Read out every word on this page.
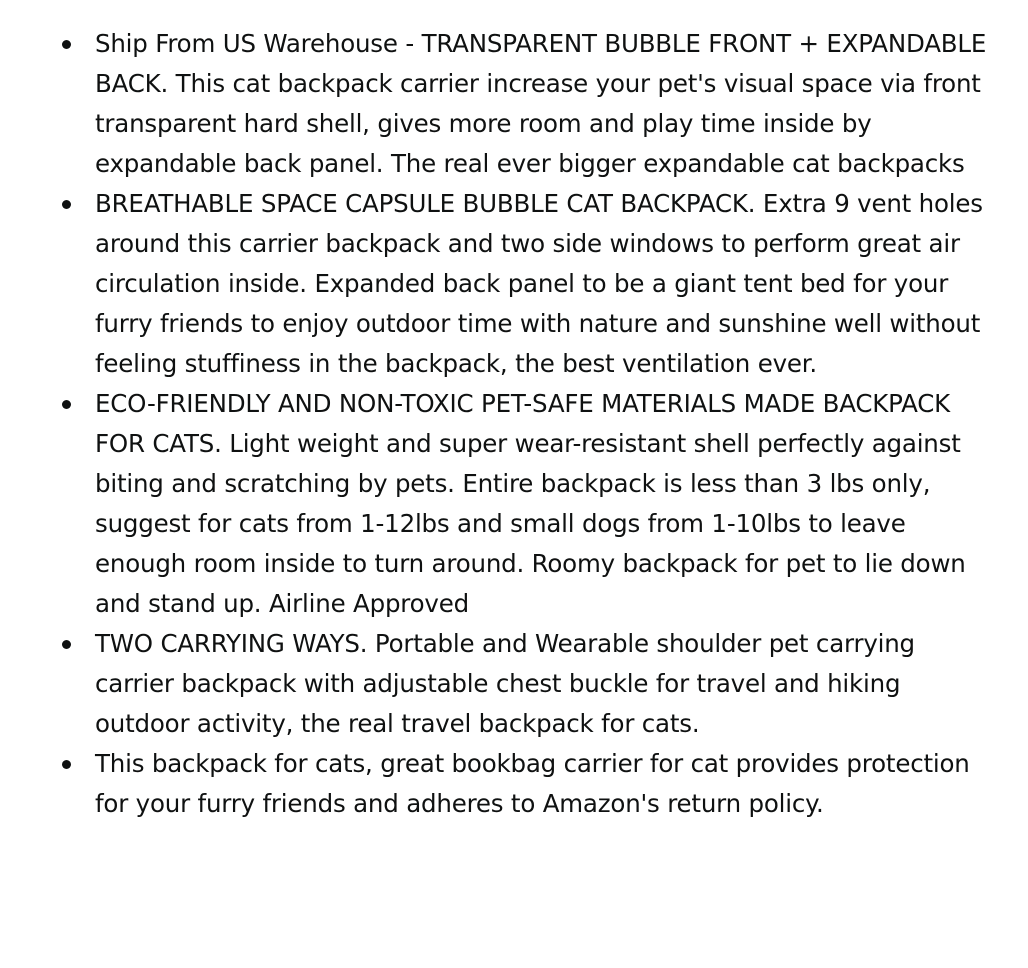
Ship From US Warehouse - TRANSPARENT BUBBLE FRONT + EXPANDABLE BACK. This cat backpack carrier increase your pet's visual space via front transparent hard shell, gives more room and play time inside by expandable back panel. The real ever bigger expandable cat backpacks
BREATHABLE SPACE CAPSULE BUBBLE CAT BACKPACK. Extra 9 vent holes around this carrier backpack and two side windows to perform great air circulation inside. Expanded back panel to be a giant tent bed for your furry friends to enjoy outdoor time with nature and sunshine well without feeling stuffiness in the backpack, the best ventilation ever.
ECO-FRIENDLY AND NON-TOXIC PET-SAFE MATERIALS MADE BACKPACK FOR CATS. Light weight and super wear-resistant shell perfectly against biting and scratching by pets. Entire backpack is less than 3 lbs only, suggest for cats from 1-12lbs and small dogs from 1-10lbs to leave enough room inside to turn around. Roomy backpack for pet to lie down and stand up. Airline Approved
TWO CARRYING WAYS. Portable and Wearable shoulder pet carrying carrier backpack with adjustable chest buckle for travel and hiking outdoor activity, the real travel backpack for cats.
This backpack for cats, great bookbag carrier for cat provides protection for your furry friends and adheres to Amazon's return policy.
